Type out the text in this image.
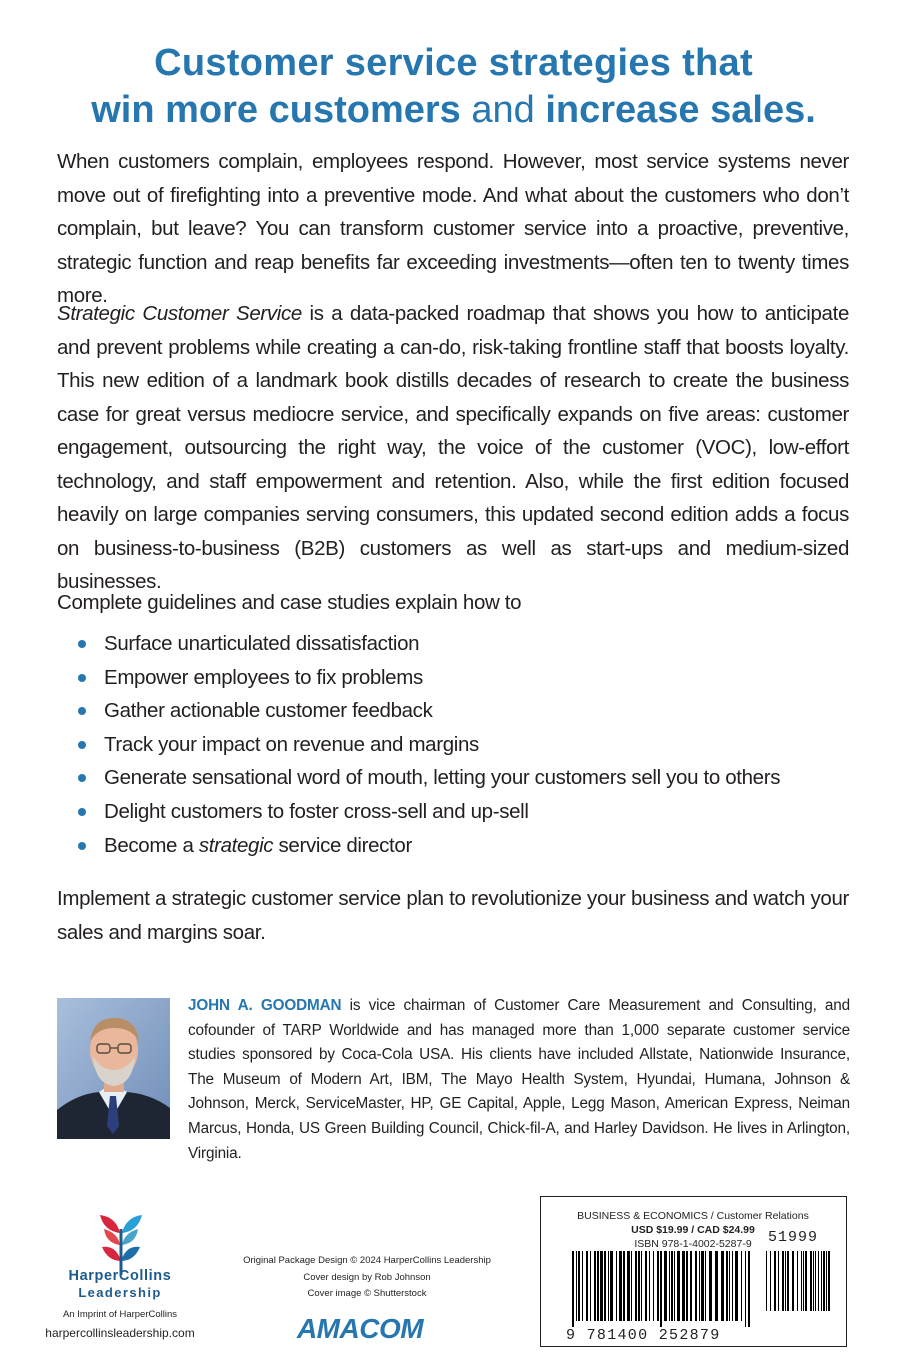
Customer service strategies that
win more customers and increase sales.

When customers complain, employees respond. However, most service systems never move out of firefighting into a preventive mode. And what about the customers who don’t complain, but leave? You can transform customer service into a proactive, preventive, strategic function and reap benefits far exceeding investments—often ten to twenty times more.

Strategic Customer Service is a data-packed roadmap that shows you how to anticipate and prevent problems while creating a can-do, risk-taking frontline staff that boosts loyalty. This new edition of a landmark book distills decades of research to create the business case for great versus mediocre service, and specifically expands on five areas: customer engagement, outsourcing the right way, the voice of the customer (VOC), low-effort technology, and staff empowerment and retention. Also, while the first edition focused heavily on large companies serving consumers, this updated second edition adds a focus on business-to-business (B2B) customers as well as start-ups and medium-sized businesses.

Complete guidelines and case studies explain how to

Surface unarticulated dissatisfaction
Empower employees to fix problems
Gather actionable customer feedback
Track your impact on revenue and margins
Generate sensational word of mouth, letting your customers sell you to others
Delight customers to foster cross-sell and up-sell
Become a strategic service director

Implement a strategic customer service plan to revolutionize your business and watch your sales and margins soar.

JOHN A. GOODMAN is vice chairman of Customer Care Measurement and Consulting, and cofounder of TARP Worldwide and has managed more than 1,000 separate customer service studies sponsored by Coca-Cola USA. His clients have included Allstate, Nationwide Insurance, The Museum of Modern Art, IBM, The Mayo Health System, Hyundai, Humana, Johnson & Johnson, Merck, ServiceMaster, HP, GE Capital, Apple, Legg Mason, American Express, Neiman Marcus, Honda, US Green Building Council, Chick-fil-A, and Harley Davidson. He lives in Arlington, Virginia.
HarperCollins
Leadership
An Imprint of HarperCollins
harpercollinsleadership.com
Original Package Design © 2024 HarperCollins Leadership
Cover design by Rob Johnson
Cover image © Shutterstock
AMACOM
BUSINESS & ECONOMICS / Customer Relations
USD $19.99 / CAD $24.99
ISBN 978-1-4002-5287-9	51999
9 781400 252879
